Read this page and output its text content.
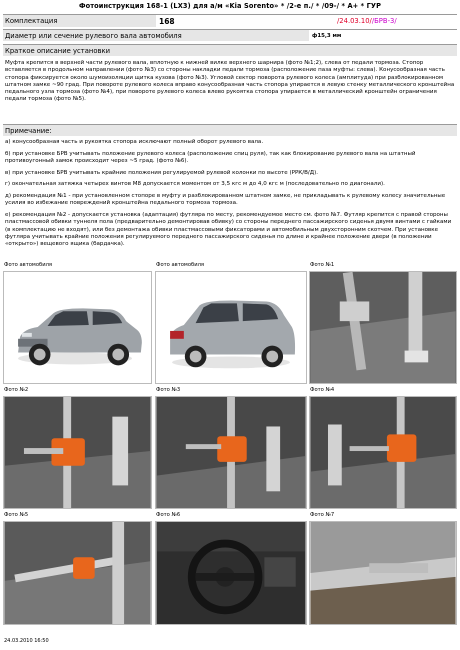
Фотоинструкция 168-1 (LX3) для а/м «Kia Sorento» * /2-е п./ * /09-/ * A+ * ГУР
Комплектация	168	/24.03.10/ /БРВ-3/
Диаметр или сечение рулевого вала автомобиля	ф15,3 мм
Краткое описание установки
Муфта крепится в верхней части рулевого вала, вплотную к нижней вилке верхнего шарнира (фото №1;2), слева от педали тормоза. Стопор вставляется в продольном направлении (фото №3) со стороны накладки педали тормоза (расположение паза муфты: слева). Конусообразная часть стопора фиксируется около шумоизоляции щитка кузова (фото №3). Угловой сектор поворота рулевого колеса (амплитуда) при разблокированном штатном замке ~90 град. При повороте рулевого колеса вправо конусообразная часть стопора упирается в левую стенку металлического кронштейна педального узла тормоза (фото №4), при повороте рулевого колеса влево рукоятка стопора упирается в металлический кронштейн ограничения педали тормоза (фото №5).
Примечание:

а) конусообразная часть и рукоятка стопора исключают полный оборот рулевого вала.

б) при установке БРВ учитывать положение рулевого колеса (расположение спиц руля), так как блокирование рулевого вала на штатный противоугонный замок происходит через ~5 град. (фото №6).

в) при установке БРВ учитывать крайние положения регулируемой рулевой колонки по высоте (РРК/В/Д).

г) окончательная затяжка четырех винтов М8 допускается моментом от 3,5 кгс м до 4,0 кгс м (последовательно по диагонали).

д) рекомендация №1 - при установленном стопоре в муфту и разблокированном штатном замке, не прикладывать к рулевому колесу значительные усилия во избежание повреждений кронштейна педального тормоза тормоза.

е) рекомендация №2 - допускается установка (адаптация) футляра по месту, рекомендуемое место см. фото №7. Футляр крепится с правой стороны пластмассовой обивки туннеля пола (предварительно демонтировав обивку) со стороны переднего пассажирского сиденья двумя винтами с гайками (в комплектацию не входят), или без демонтажа обивки пластмассовыми фиксаторами и автомобильным двухсторонним скотчем. При установке футляра учитывать крайние положения регулируемого переднего пассажирского сиденья по длине и крайнее положение двери (в положении «открыто») вещевого ящика (бардачка).

Фото автомобиля	Фото автомобиля	Фото №1
Фото №2	Фото №3	Фото №4
Фото №5	Фото №6	Фото №7
24.03.2010 16:50
